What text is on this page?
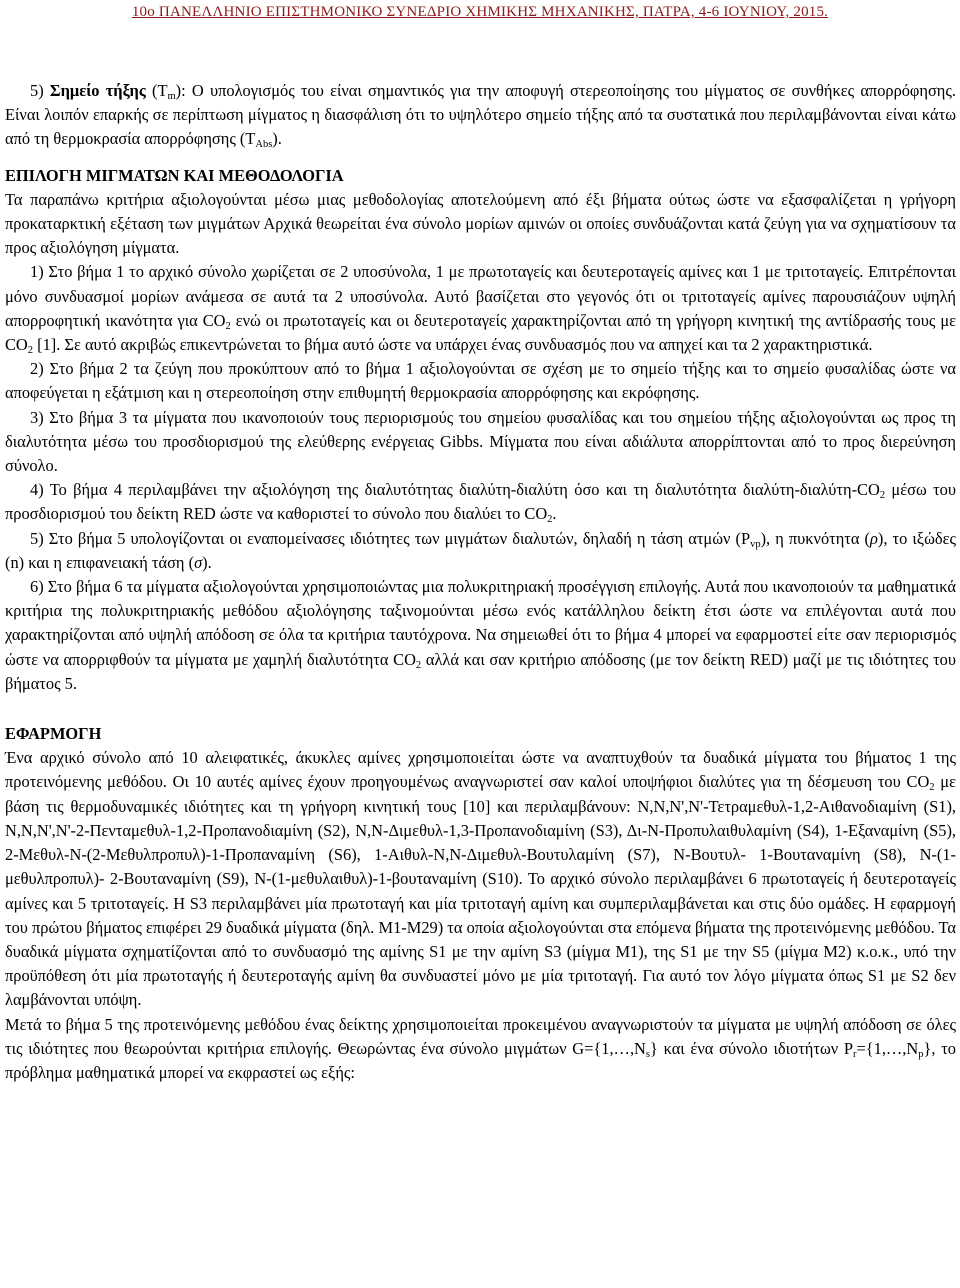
10ο ΠΑΝΕΛΛΗΝΙΟ ΕΠΙΣΤΗΜΟΝΙΚΟ ΣΥΝΕΔΡΙΟ ΧΗΜΙΚΗΣ ΜΗΧΑΝΙΚΗΣ, ΠΑΤΡΑ, 4-6 ΙΟΥΝΙΟΥ, 2015.

5) Σημείο τήξης $(T_m)$: Ο υπολογισμός του είναι σημαντικός για την αποφυγή στερεοποίησης του μίγματος σε συνθήκες απορρόφησης. Είναι λοιπόν επαρκής σε περίπτωση μίγματος η διασφάλιση ότι το υψηλότερο σημείο τήξης από τα συστατικά που περιλαμβάνονται είναι κάτω από τη θερμοκρασία απορρόφησης $(T_{Abs})$.

ΕΠΙΛΟΓΗ ΜΙΓΜΑΤΩΝ ΚΑΙ ΜΕΘΟΔΟΛΟΓΙΑ

Τα παραπάνω κριτήρια αξιολογούνται μέσω μιας μεθοδολογίας αποτελούμενη από έξι βήματα ούτως ώστε να εξασφαλίζεται η γρήγορη προκαταρκτική εξέταση των μιγμάτων Αρχικά θεωρείται ένα σύνολο μορίων αμινών οι οποίες συνδυάζονται κατά ζεύγη για να σχηματίσουν τα προς αξιολόγηση μίγματα.

1) Στο βήμα 1 το αρχικό σύνολο χωρίζεται σε 2 υποσύνολα, 1 με πρωτοταγείς και δευτεροταγείς αμίνες και 1 με τριτοταγείς. Επιτρέπονται μόνο συνδυασμοί μορίων ανάμεσα σε αυτά τα 2 υποσύνολα. Αυτό βασίζεται στο γεγονός ότι οι τριτοταγείς αμίνες παρουσιάζουν υψηλή απορροφητική ικανότητα για $CO_2$ ενώ οι πρωτοταγείς και οι δευτεροταγείς χαρακτηρίζονται από τη γρήγορη κινητική της αντίδρασής τους με $CO_2$ [1]. Σε αυτό ακριβώς επικεντρώνεται το βήμα αυτό ώστε να υπάρχει ένας συνδυασμός που να απηχεί και τα 2 χαρακτηριστικά.

2) Στο βήμα 2 τα ζεύγη που προκύπτουν από το βήμα 1 αξιολογούνται σε σχέση με το σημείο τήξης και το σημείο φυσαλίδας ώστε να αποφεύγεται η εξάτμιση και η στερεοποίηση στην επιθυμητή θερμοκρασία απορρόφησης και εκρόφησης.

3) Στο βήμα 3 τα μίγματα που ικανοποιούν τους περιορισμούς του σημείου φυσαλίδας και του σημείου τήξης αξιολογούνται ως προς τη διαλυτότητα μέσω του προσδιορισμού της ελεύθερης ενέργειας Gibbs. Μίγματα που είναι αδιάλυτα απορρίπτονται από το προς διερεύνηση σύνολο.

4) Το βήμα 4 περιλαμβάνει την αξιολόγηση της διαλυτότητας διαλύτη-διαλύτη όσο και τη διαλυτότητα διαλύτη-$\delta\iota\alpha\lambda ύ\tau\eta-CO_2$ μέσω του προσδιορισμού του δείκτη RED ώστε να καθοριστεί το σύνολο που διαλύει το $CO_2$.

5) Στο βήμα 5 υπολογίζονται οι εναπομείνασες ιδιότητες των μιγμάτων διαλυτών, δηλαδή η τάση ατμών $(P_{vp})$, η πυκνότητα (ρ), το ιξώδες (n) και η επιφανειακή τάση (σ).

6) Στο βήμα 6 τα μίγματα αξιολογούνται χρησιμοποιώντας μια πολυκριτηριακή προσέγγιση επιλογής. Αυτά που ικανοποιούν τα μαθηματικά κριτήρια της πολυκριτηριακής μεθόδου αξιολόγησης ταξινομούνται μέσω ενός κατάλληλου δείκτη έτσι ώστε να επιλέγονται αυτά που χαρακτηρίζονται από υψηλή απόδοση σε όλα τα κριτήρια ταυτόχρονα. Να σημειωθεί ότι το βήμα 4 μπορεί να εφαρμοστεί είτε σαν περιορισμός ώστε να απορριφθούν τα μίγματα με χαμηλή διαλυτότητα $CO_2$ αλλά και σαν κριτήριο απόδοσης (με τον δείκτη RED) μαζί με τις ιδιότητες του βήματος 5.

ΕΦΑΡΜΟΓΗ

Ένα αρχικό σύνολο από 10 αλειφατικές, άκυκλες αμίνες χρησιμοποιείται ώστε να αναπτυχθούν τα δυαδικά μίγματα του βήματος 1 της προτεινόμενης μεθόδου. Οι 10 αυτές αμίνες έχουν προηγουμένως αναγνωριστεί σαν καλοί υποψήφιοι διαλύτες για τη δέσμευση του $CO_2$ με βάση τις θερμοδυναμικές ιδιότητες και τη γρήγορη κινητική τους [10] και περιλαμβάνουν: N,N,N',N'-Τετραμεθυλ-1,2-Αιθανοδιαμίνη (S1), N,N,N',N'-2-Πενταμεθυλ-1,2-Προπανοδιαμίνη (S2), N,N-Διμεθυλ-1,3-Προπανοδιαμίνη (S3), Δι-N-Προπυλαιθυλαμίνη (S4), 1-Εξαναμίνη (S5), 2-Μεθυλ-N-(2-Μεθυλπροπυλ)-1-Προπαναμίνη (S6), 1-Αιθυλ-N,N-Διμεθυλ-Βουτυλαμίνη (S7), N-Βουτυλ- 1-Βουταναμίνη (S8), N-(1-μεθυλπροπυλ)- 2-Βουταναμίνη (S9), N-(1-μεθυλαιθυλ)-1-βουταναμίνη (S10). Το αρχικό σύνολο περιλαμβάνει 6 πρωτοταγείς ή δευτεροταγείς αμίνες και 5 τριτοταγείς. Η S3 περιλαμβάνει μία πρωτοταγή και μία τριτοταγή αμίνη και συμπεριλαμβάνεται και στις δύο ομάδες. Η εφαρμογή του πρώτου βήματος επιφέρει 29 δυαδικά μίγματα (δηλ. Μ1-Μ29) τα οποία αξιολογούνται στα επόμενα βήματα της προτεινόμενης μεθόδου. Τα δυαδικά μίγματα σχηματίζονται από το συνδυασμό της αμίνης S1 με την αμίνη S3 (μίγμα Μ1), της S1 με την S5 (μίγμα Μ2) κ.ο.κ., υπό την προϋπόθεση ότι μία πρωτοταγής ή δευτεροταγής αμίνη θα συνδυαστεί μόνο με μία τριτοταγή. Για αυτό τον λόγο μίγματα όπως S1 με S2 δεν λαμβάνονται υπόψη.

Μετά το βήμα 5 της προτεινόμενης μεθόδου ένας δείκτης χρησιμοποιείται προκειμένου αναγνωριστούν τα μίγματα με υψηλή απόδοση σε όλες τις ιδιότητες που θεωρούνται κριτήρια επιλογής. Θεωρώντας ένα σύνολο μιγμάτων $G=\{1,\dots,N_s\}$ και ένα σύνολο ιδιοτήτων $P_r=\{1,\dots,N_p\}$, το πρόβλημα μαθηματικά μπορεί να εκφραστεί ως εξής:
